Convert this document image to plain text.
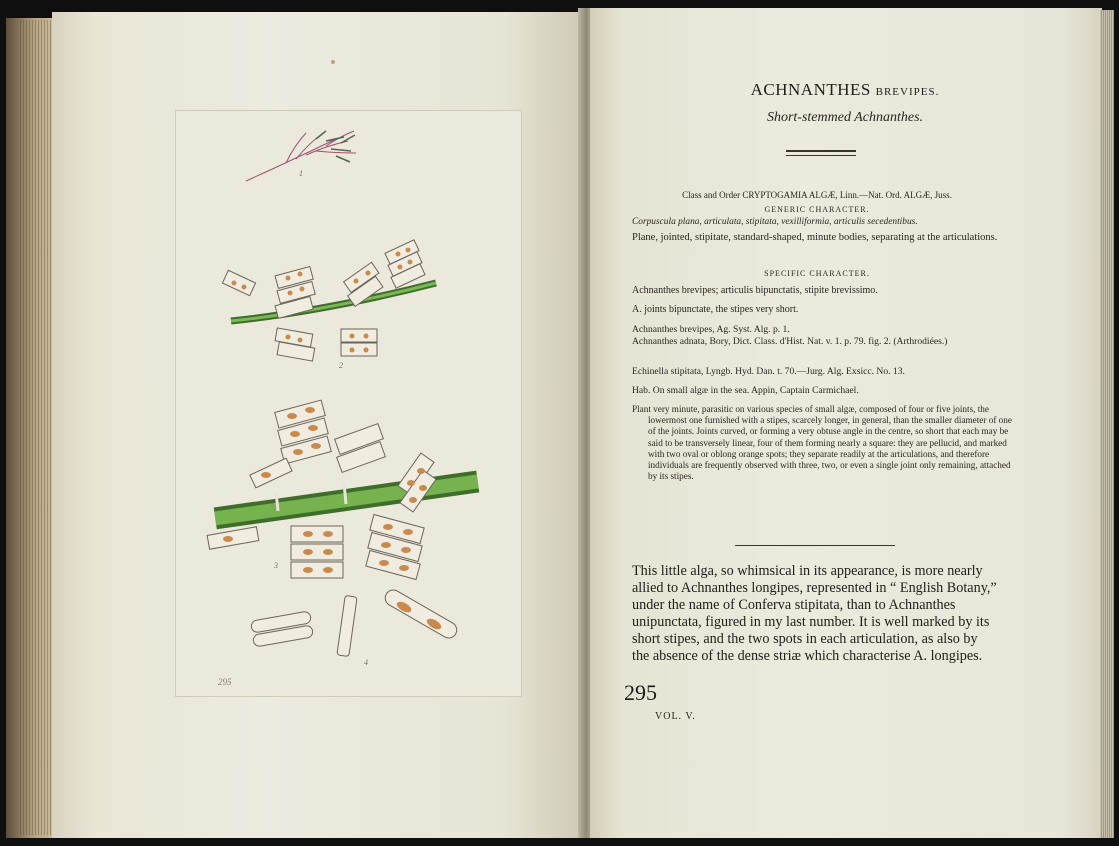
1
2
3
4
295
ACHNANTHES BREVIPES.
Short-stemmed Achnanthes.
Class and Order CRYPTOGAMIA ALGÆ, Linn.—Nat. Ord. ALGÆ, Juss.
GENERIC CHARACTER.
Corpuscula plana, articulata, stipitata, vexilliformia, articulis secedentibus.
Plane, jointed, stipitate, standard-shaped, minute bodies, separating at the articulations.
SPECIFIC CHARACTER.
Achnanthes brevipes; articulis bipunctatis, stipite brevissimo.
A. joints bipunctate, the stipes very short.
Achnanthes brevipes, Ag. Syst. Alg. p. 1.
Achnanthes adnata, Bory, Dict. Class. d'Hist. Nat. v. 1. p. 79. fig. 2. (Arthrodiées.)
Echinella stipitata, Lyngb. Hyd. Dan. t. 70.—Jurg. Alg. Exsicc. No. 13.
Hab. On small algæ in the sea. Appin, Captain Carmichael.
Plant very minute, parasitic on various species of small algæ, composed of four or five joints, the lowermost one furnished with a stipes, scarcely longer, in general, than the smaller diameter of one of the joints. Joints curved, or forming a very obtuse angle in the centre, so short that each may be said to be transversely linear, four of them forming nearly a square: they are pellucid, and marked with two oval or oblong orange spots; they separate readily at the articulations, and therefore individuals are frequently observed with three, two, or even a single joint only remaining, attached by its stipes.
This little alga, so whimsical in its appearance, is more nearly allied to Achnanthes longipes, represented in “ English Botany,” under the name of Conferva stipitata, than to Achnanthes unipunctata, figured in my last number. It is well marked by its short stipes, and the two spots in each articulation, as also by the absence of the dense striæ which characterise A. longipes.
295
VOL. V.
